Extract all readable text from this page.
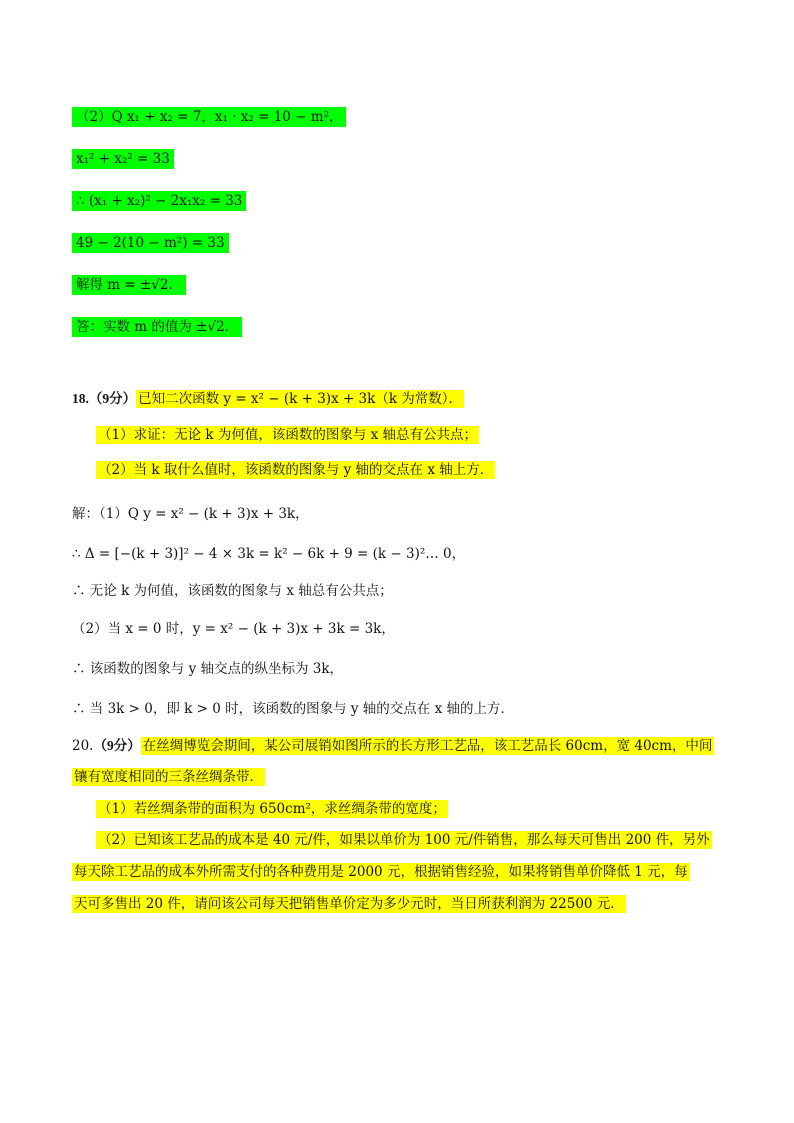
（2）Q x₁ + x₂ = 7，x₁ · x₂ = 10 − m²，
x₁² + x₂² = 33
∴ (x₁ + x₂)² − 2x₁x₂ = 33
49 − 2(10 − m²) = 33
解得 m = ±√2．
答：实数 m 的值为 ±√2．
18.（9分） 已知二次函数 y = x² − (k + 3)x + 3k（k 为常数）．
（1）求证：无论 k 为何值，该函数的图象与 x 轴总有公共点；
（2）当 k 取什么值时，该函数的图象与 y 轴的交点在 x 轴上方．
解：（1）Q y = x² − (k + 3)x + 3k，
∴ Δ = [−(k + 3)]² − 4 × 3k = k² − 6k + 9 = (k − 3)²… 0，
∴ 无论 k 为何值，该函数的图象与 x 轴总有公共点；
（2）当 x = 0 时，y = x² − (k + 3)x + 3k = 3k，
∴ 该函数的图象与 y 轴交点的纵坐标为 3k，
∴ 当 3k > 0，即 k > 0 时，该函数的图象与 y 轴的交点在 x 轴的上方．
20.（9分） 在丝绸博览会期间，某公司展销如图所示的长方形工艺品，该工艺品长 60cm，宽 40cm，中间
镶有宽度相同的三条丝绸条带．
（1）若丝绸条带的面积为 650cm²，求丝绸条带的宽度；
（2）已知该工艺品的成本是 40 元/件，如果以单价为 100 元/件销售，那么每天可售出 200 件，另外
每天除工艺品的成本外所需支付的各种费用是 2000 元，根据销售经验，如果将销售单价降低 1 元，每
天可多售出 20 件，请问该公司每天把销售单价定为多少元时，当日所获利润为 22500 元．
